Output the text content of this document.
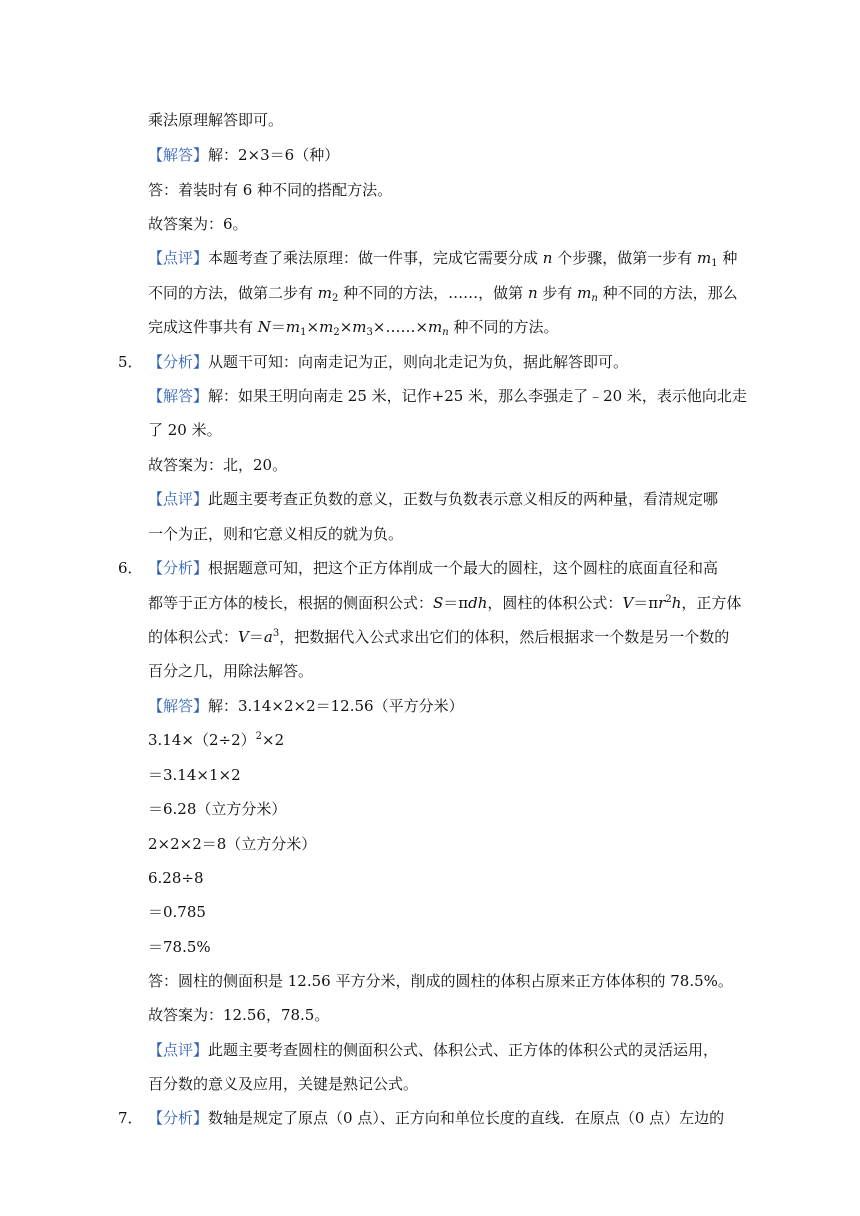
乘法原理解答即可。
【解答】解：2×3＝6（种）
答：着装时有 6 种不同的搭配方法。
故答案为：6。
【点评】本题考查了乘法原理：做一件事，完成它需要分成 n 个步骤，做第一步有 $m_1$ 种
不同的方法，做第二步有 $m_2$ 种不同的方法，……，做第 n 步有 $m_n$ 种不同的方法，那么
完成这件事共有 $N=m_1\times m_2\times m_3\times\dots\dots\times m_n$ 种不同的方法。
5． 【分析】从题干可知：向南走记为正，则向北走记为负，据此解答即可。
【解答】解：如果王明向南走 25 米，记作+25 米，那么李强走了﹣20 米，表示他向北走
了 20 米。
故答案为：北，20。
【点评】此题主要考查正负数的意义，正数与负数表示意义相反的两种量，看清规定哪
一个为正，则和它意义相反的就为负。
6． 【分析】根据题意可知，把这个正方体削成一个最大的圆柱，这个圆柱的底面直径和高
都等于正方体的棱长，根据的侧面积公式：S＝πdh，圆柱的体积公式：$V=\pi r^2h$，正方体
的体积公式：$V=a^3$，把数据代入公式求出它们的体积，然后根据求一个数是另一个数的
百分之几，用除法解答。
【解答】解：3.14×2×2＝12.56（平方分米）
$3.14\times(2\div 2)^2\times 2$
＝3.14×1×2
＝6.28（立方分米）
2×2×2＝8（立方分米）
6.28÷8
＝0.785
＝78.5%
答：圆柱的侧面积是 12.56 平方分米，削成的圆柱的体积占原来正方体体积的 78.5%。
故答案为：12.56，78.5。
【点评】此题主要考查圆柱的侧面积公式、体积公式、正方体的体积公式的灵活运用，
百分数的意义及应用，关键是熟记公式。
7． 【分析】数轴是规定了原点（0 点）、正方向和单位长度的直线．在原点（0 点）左边的
